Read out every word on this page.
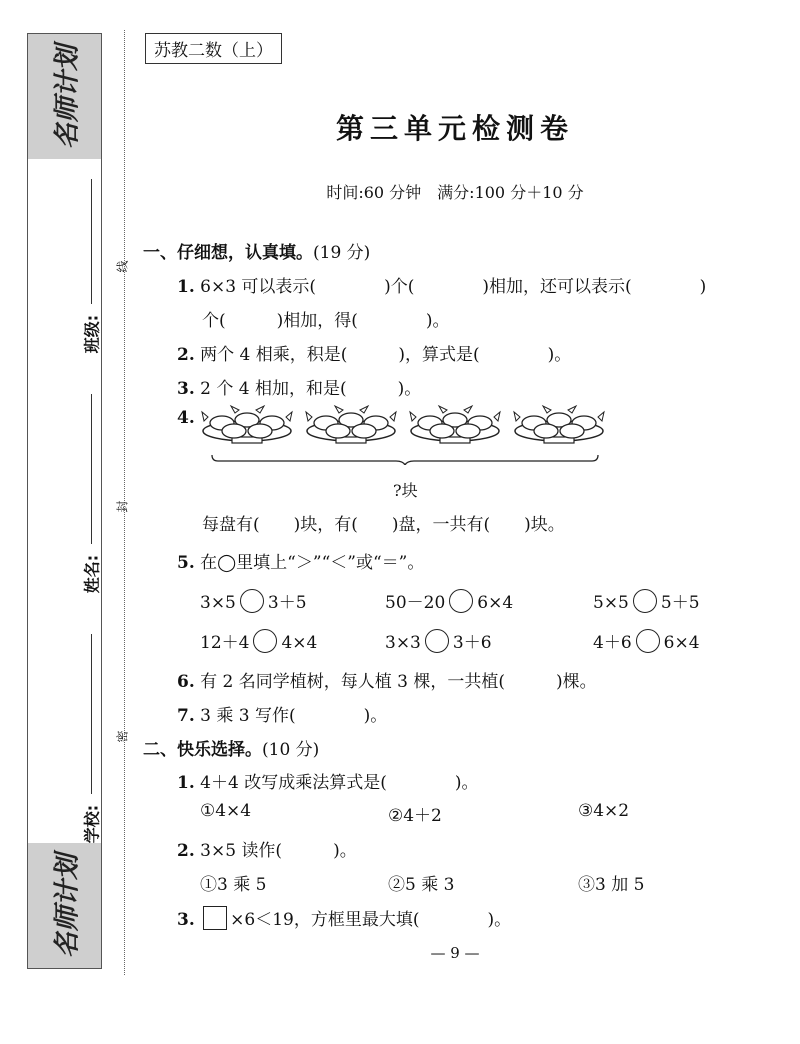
名师计划
名师计划
班级:
姓名:
学校:
线
封
密
苏教二数（上）
第三单元检测卷
时间:60 分钟　满分:100 分＋10 分
一、仔细想，认真填。(19 分)
1. 6×3 可以表示(　　　　)个(　　　　)相加，还可以表示(　　　　)
个(　　　)相加，得(　　　　)。
2. 两个 4 相乘，积是(　　　)，算式是(　　　　)。
3. 2 个 4 相加，和是(　　　)。
4.
?块
每盘有(　　)块，有(　　)盘，一共有(　　)块。
5. 在◯里填上“＞”“＜”或“＝”。
3×5 3＋5	50－20 6×4	5×5 5＋5
12＋4 4×4	3×3 3＋6	4＋6 6×4
6. 有 2 名同学植树，每人植 3 棵，一共植(　　　)棵。
7. 3 乘 3 写作(　　　　)。
二、快乐选择。(10 分)
1. 4＋4 改写成乘法算式是(　　　　)。
①4×4	②4＋2	③4×2
2. 3×5 读作(　　　)。
①3 乘 5	②5 乘 3	③3 加 5
3. ×6＜19，方框里最大填(　　　　)。
— 9 —
